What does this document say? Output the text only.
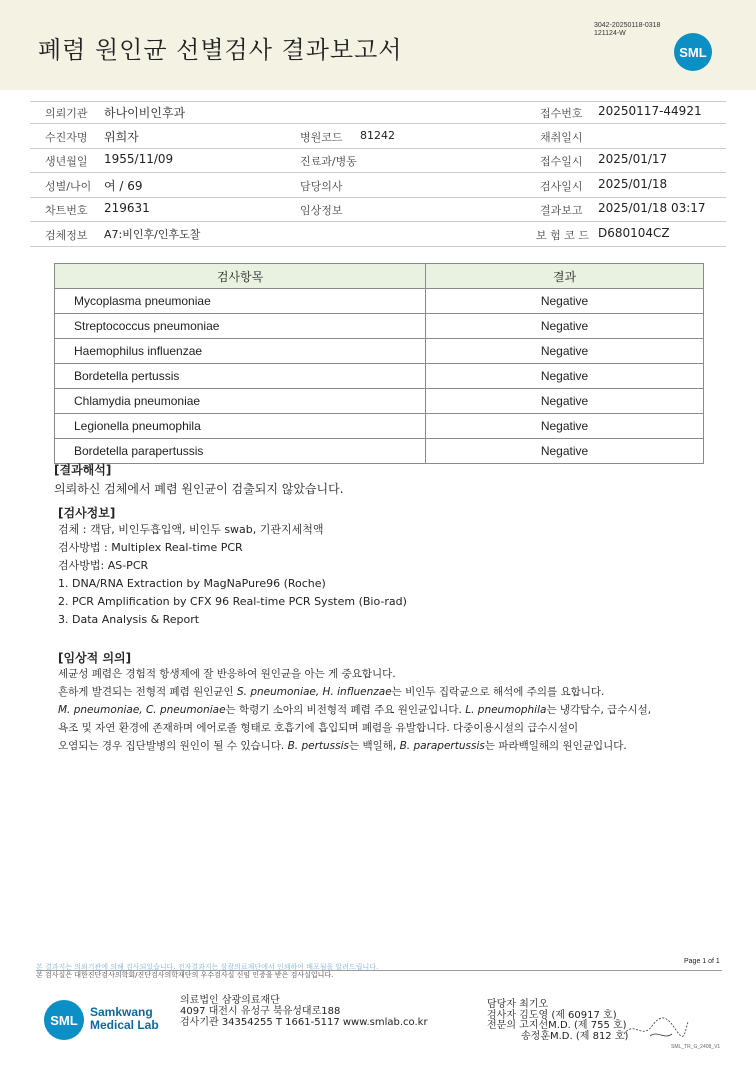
폐렴 원인균 선별검사 결과보고서
3042-20250118-0318
121124-W
SML
의뢰기관 하나이비인후과	접수번호 20250117-44921
수진자명 위희자	병원코드 81242	채취일시
생년월일 1955/11/09	진료과/병동	접수일시 2025/01/17
성별/나이 여 / 69	담당의사	검사일시 2025/01/18
차트번호 219631	임상정보	결과보고 2025/01/18 03:17
검체정보 A7:비인후/인후도찰	보 험 코 드 D680104CZ
검사항목	결과
Mycoplasma pneumoniae	Negative
Streptococcus pneumoniae	Negative
Haemophilus influenzae	Negative
Bordetella pertussis	Negative
Chlamydia pneumoniae	Negative
Legionella pneumophila	Negative
Bordetella parapertussis	Negative
[결과해석]
의뢰하신 검체에서 폐렴 원인균이 검출되지 않았습니다.
[검사정보]
검체 : 객담, 비인두흡입액, 비인두 swab, 기관지세척액
검사방법 : Multiplex Real-time PCR
검사방법: AS-PCR
1. DNA/RNA Extraction by MagNaPure96 (Roche)
2. PCR Amplification by CFX 96 Real-time PCR System (Bio-rad)
3. Data Analysis & Report
[임상적 의의]
세균성 폐렴은 경험적 항생제에 잘 반응하여 원인균을 아는 게 중요합니다.
흔하게 발견되는 전형적 폐렴 원인균인 S. pneumoniae, H. influenzae는 비인두 집락균으로 해석에 주의를 요합니다.
M. pneumoniae, C. pneumoniae는 학령기 소아의 비전형적 폐렴 주요 원인균입니다. L. pneumophila는 냉각탑수, 급수시설,
욕조 및 자연 환경에 존재하며 에어로졸 형태로 호흡기에 흡입되며 폐렴을 유발합니다. 다중이용시설의 급수시설이
오염되는 경우 집단발병의 원인이 될 수 있습니다. B. pertussis는 백일해, B. parapertussis는 파라백일해의 원인균입니다.
본 결과지는 의뢰기관에 의해 검사되었습니다. 전자결과지는 삼광의료재단에서 인쇄하여 배포됨을 알려드립니다.
본 검사실은 대한진단검사의학회/진단검사의학재단의 우수검사실 신임 인증을 받은 검사실입니다.
Page 1 of 1
SML
Samkwang
Medical Lab
의료법인 삼광의료재단
4097 대전시 유성구 북유성대로188
검사기관 34354255 T 1661-5117 www.smlab.co.kr
담당자 최기오
검사자 김도영 (제 60917 호)
전문의 고지선M.D. (제 755 호)
송정훈M.D. (제 812 호)
SML_TR_G_2408_V1
